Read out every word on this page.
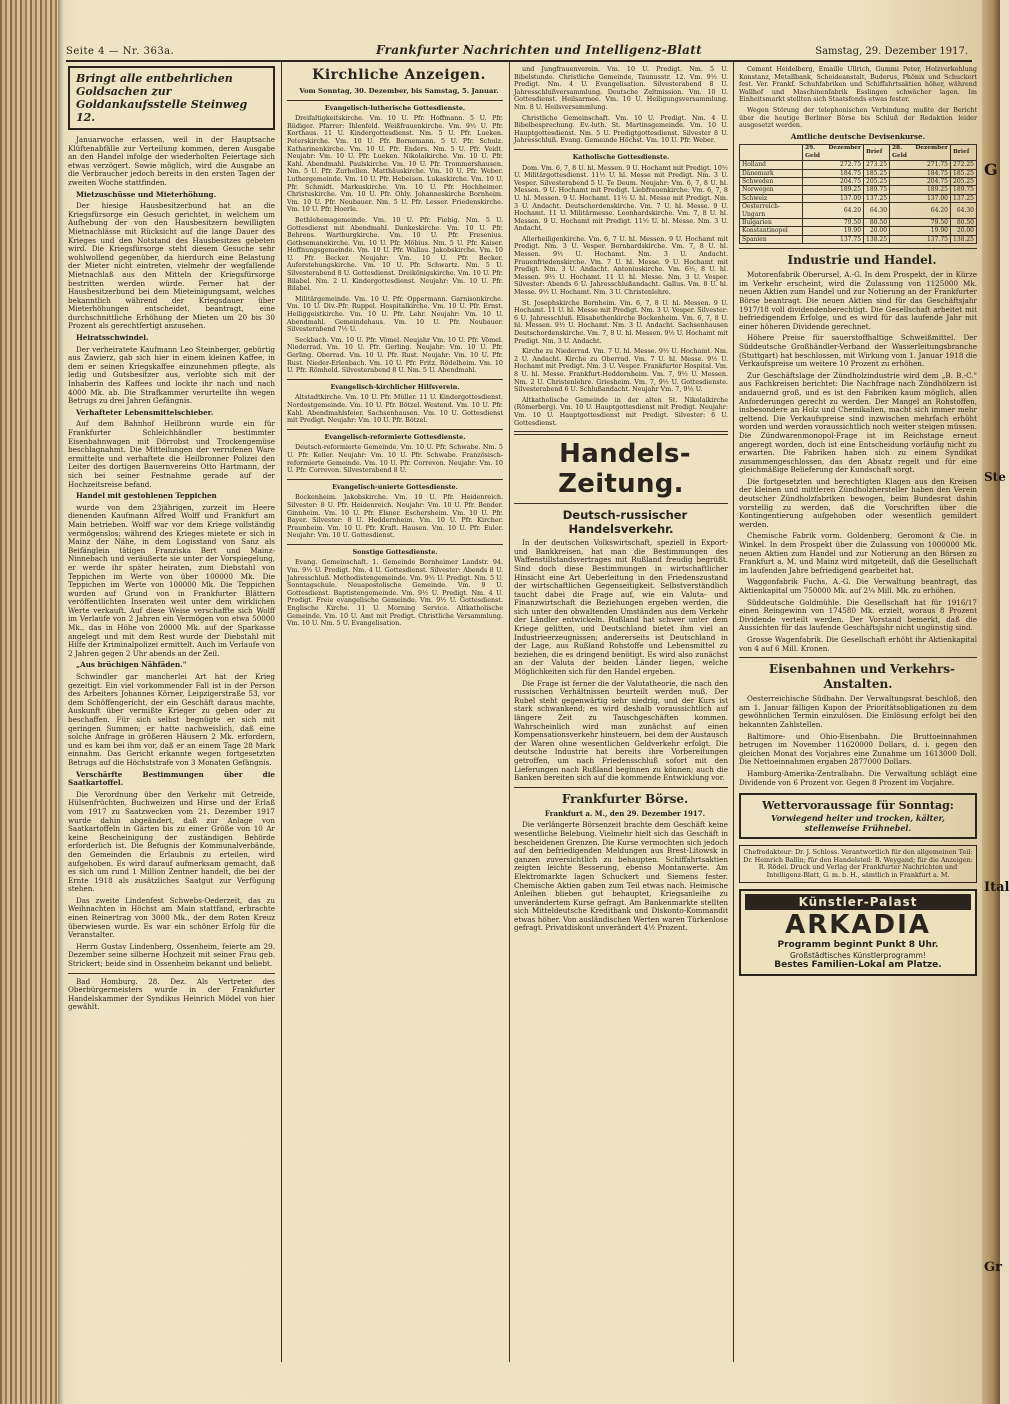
G
Ste
Ital
Gr
Seite 4 — Nr. 363a.	Frankfurter Nachrichten und Intelligenz-Blatt	Samstag, 29. Dezember 1917.
Bringt alle entbehrlichen Goldsachen zur Goldankaufsstelle Steinweg 12.

Januarwoche erlassen, weil in der Hauptsache Klüftenabfälle zur Verteilung kommen, deren Ausgabe an den Handel infolge der wiederholten Feiertage sich etwas verzögert. Sowie möglich, wird die Ausgabe an die Verbraucher jedoch bereits in den ersten Tagen der zweiten Woche stattfinden.

Mietzuschüsse und Mieterhöhung.

Der hiesige Hausbesitzerbund hat an die Kriegsfürsorge ein Gesuch gerichtet, in welchem um Aufhebung der von den Hausbesitzern bewilligten Mietnachlässe mit Rücksicht auf die lange Dauer des Krieges und den Notstand des Hausbesitzes gebeten wird. Die Kriegsfürsorge steht diesem Gesuche sehr wohlwollend gegenüber, da hierdurch eine Belastung der Mieter nicht eintreten, vielmehr der wegfallende Mietnachlaß aus den Mitteln der Kriegsfürsorge bestritten werden würde. Ferner hat der Hausbesitzerbund bei dem Mieteinigungsamt, welches bekanntlich während der Kriegsdauer über Mieterhöhungen entscheidet, beantragt, eine durchschnittliche Erhöhung der Mieten um 20 bis 30 Prozent als gerechtfertigt anzusehen.

Heiratsschwindel.

Der verheiratete Kaufmann Leo Steinberger, gebürtig aus Zawierz, gab sich hier in einem kleinen Kaffee, in dem er seinen Kriegskaffee einzunehmen pflegte, als ledig und Gutsbesitzer aus, verlobte sich mit der Inhaberin des Kaffees und lockte ihr nach und nach 4000 Mk. ab. Die Strafkammer verurteilte ihn wegen Betrugs zu drei Jahren Gefängnis.

Verhafteter Lebensmittelschieber.

Auf dem Bahnhof Heilbronn wurde ein für Frankfurter Schleichhändler bestimmter Eisenbahnwagen mit Dörrobst und Trockengemüse beschlagnahmt. Die Mitteilungen der verrufenen Ware ermittelte und verhaftete die Heilbronner Polizei den Leiter des dortigen Bauernvereins Otto Hartmann, der sich bei seiner Festnahme gerade auf der Hochzeitsreise befand.

Handel mit gestohlenen Teppichen

wurde von dem 23jährigen, zurzeit im Heere dienenden Kaufmann Alfred Wolff und Frankfurt am Main betrieben. Wolff war vor dem Kriege vollständig vermögenslos; während des Krieges mietete er sich in Mainz der Nähe, in dem Logisstand von Sanz als Beifänglein tätigen Franziska Bert und Mainz-Ninnebach und veräußerte sie unter der Vorspiegelung, er werde ihr später heiraten, zum Diebstahl von Teppichen im Werte von über 100000 Mk. Die Teppichen im Werte von 100000 Mk. Die Teppichen wurden auf Grund von in Frankfurter Blättern veröffentlichten Inseraten weit unter dem wirklichen Werte verkauft. Auf diese Weise verschaffte sich Wolff im Verlaufe von 2 Jahren ein Vermögen von etwa 50000 Mk., das in Höhe von 20000 Mk. auf der Sparkasse angelegt und mit dem Rest wurde der Diebstahl mit Hilfe der Kriminalpolizei ermittelt. Auch im Verlaufe von 2 Jahren gegen 2 Uhr abends an der Zeil.

„Aus brüchigen Nähfäden."

Schwindler gar mancherlei Art hat der Krieg gezeitigt. Ein viel vorkommender Fall ist in der Person des Arbeiters Johannes Körner, Leipzigerstraße 53, vor dem Schöffengericht, der ein Geschäft daraus machte, Auskunft über vermißte Krieger zu geben oder zu beschaffen. Für sich selbst begnügte er sich mit geringen Summen; er hatte nachweislich, daß eine solche Anfrage in größeren Häusern 2 Mk. erfordern, und es kam bei ihm vor, daß er an einem Tage 28 Mark einnahm. Das Gericht erkannte wegen fortgesetzten Betrugs auf die Höchststrafe von 3 Monaten Gefängnis.

Verschärfte Bestimmungen über die Saatkartoffel.

Die Verordnung über den Verkehr mit Getreide, Hülsenfrüchten, Buchweizen und Hirse und der Erlaß vom 1917 zu Saatzwecken vom 21. Dezember 1917 wurde dahin abgeändert, daß zur Anlage von Saatkartoffeln in Gärten bis zu einer Größe von 10 Ar keine Bescheinigung der zuständigen Behörde erforderlich ist. Die Befugnis der Kommunalverbände, den Gemeinden die Erlaubnis zu erteilen, wird aufgehoben. Es wird darauf aufmerksam gemacht, daß es sich um rund 1 Million Zentner handelt, die bei der Ernte 1918 als zusätzliches Saatgut zur Verfügung stehen.

Das zweite Lindenfest Schwebs-Oederzeit, das zu Weihnachten in Höchst am Main stattfand, erbrachte einen Reinertrag von 3000 Mk., der dem Roten Kreuz überwiesen wurde. Es war ein schöner Erfolg für die Veranstalter.

Herrn Gustav Lindenberg, Ossenheim, feierte am 29. Dezember seine silberne Hochzeit mit seiner Frau geb. Strickert; beide sind in Ossenheim bekannt und beliebt.

Bad Homburg. 28. Dez. Als Vertreter des Oberbürgermeisters wurde in der Frankfurter Handelskammer der Syndikus Heinrich Mödel von hier gewählt.

Kirchliche Anzeigen.

Vom Sonntag, 30. Dezember, bis Samstag, 5. Januar.

Evangelisch-lutherische Gottesdienste.

Dreifaltigkeitskirche. Vm. 10 U. Pfr. Hoffmann. 5 U. Pfr. Rüdiger. Pfarrer: Ihlenfeld. Weißfrauenkirche. Vm. 9½ U. Pfr. Korthaus. 11 U. Kindergottesdienst. Nm. 5 U. Pfr. Lueken. Peterskirche. Vm. 10 U. Pfr. Bornemann. 5 U. Pfr. Schulz. Katharinenkirche. Vm. 10 U. Pfr. Enders. Nm. 5 U. Pfr. Veidt. Neujahr: Vm. 10 U. Pfr. Lueken. Nikolaikirche. Vm. 10 U. Pfr. Kahl. Abendmahl. Paulskirche. Vm. 10 U. Pfr. Trommershausen. Nm. 5 U. Pfr. Zurhellen. Matthäuskirche. Vm. 10 U. Pfr. Weber. Luthergemeinde. Vm. 10 U. Pfr. Hebeisen. Lukaskirche. Vm. 10 U. Pfr. Schmidt. Markuskirche. Vm. 10 U. Pfr. Hochheimer. Christuskirche. Vm. 10 U. Pfr. Ohly. Johanneskirche Bornheim. Vm. 10 U. Pfr. Neubauer. Nm. 5 U. Pfr. Lesser. Friedenskirche. Vm. 10 U. Pfr. Hoerle.

Bethlehemsgemeinde. Vm. 10 U. Pfr. Fiebig. Nm. 5 U. Gottesdienst mit Abendmahl. Dankeskirche. Vm. 10 U. Pfr. Behrens. Wartburgkirche. Vm. 10 U. Pfr. Fresenius. Gethsemanekirche. Vm. 10 U. Pfr. Möbius. Nm. 5 U. Pfr. Kaiser. Hoffnungsgemeinde. Vm. 10 U. Pfr. Wallau. Jakobskirche. Vm. 10 U. Pfr. Becker. Neujahr: Vm. 10 U. Pfr. Becker. Auferstehungskirche. Vm. 10 U. Pfr. Schwartz. Nm. 5 U. Silvesterabend 8 U. Gottesdienst. Dreikönigskirche. Vm. 10 U. Pfr. Bilabel. Nm. 2 U. Kindergottesdienst. Neujahr: Vm. 10 U. Pfr. Bilabel.

Militärgemeinde. Vm. 10 U. Pfr. Oppermann. Garnisonkirche. Vm. 10 U. Div.-Pfr. Ruppel. Hospitalkirche. Vm. 10 U. Pfr. Ernst. Heiliggeistkirche. Vm. 10 U. Pfr. Lehr. Neujahr: Vm. 10 U. Abendmahl. Gemeindehaus. Vm. 10 U. Pfr. Neubauer. Silvesterabend 7½ U.

Seckbach. Vm. 10 U. Pfr. Vömel. Neujahr Vm. 10 U. Pfr. Vömel. Niederrad. Vm. 10 U. Pfr. Gerling. Neujahr: Vm. 10 U. Pfr. Gerling. Oberrad. Vm. 10 U. Pfr. Rust. Neujahr: Vm. 10 U. Pfr. Rust. Nieder-Erlenbach. Vm. 10 U. Pfr. Fritz. Rödelheim. Vm. 10 U. Pfr. Römheld. Silvesterabend 8 U. Nm. 5 U. Abendmahl.

Evangelisch-kirchlicher Hilfsverein.

Altstadtkirche. Vm. 10 U. Pfr. Müller. 11 U. Kindergottesdienst. Nordostgemeinde. Vm. 10 U. Pfr. Bötzel. Westend. Vm. 10 U. Pfr. Kahl. Abendmahlsfeier. Sachsenhausen. Vm. 10 U. Gottesdienst mit Predigt. Neujahr: Vm. 10 U. Pfr. Bötzel.

Evangelisch-reformierte Gottesdienste.

Deutsch-reformierte Gemeinde. Vm. 10 U. Pfr. Schwabe. Nm. 5 U. Pfr. Keller. Neujahr: Vm. 10 U. Pfr. Schwabe. Französisch-reformierte Gemeinde. Vm. 10 U. Pfr. Correvon. Neujahr: Vm. 10 U. Pfr. Correvon. Silvesterabend 8 U.

Evangelisch-unierte Gottesdienste.

Bockenheim. Jakobskirche. Vm. 10 U. Pfr. Heidenreich. Silvester: 8 U. Pfr. Heidenreich. Neujahr: Vm. 10 U. Pfr. Bender. Ginnheim. Vm. 10 U. Pfr. Elsner. Eschersheim. Vm. 10 U. Pfr. Bayer. Silvester: 8 U. Heddernheim. Vm. 10 U. Pfr. Kircher. Praunheim. Vm. 10 U. Pfr. Kraft. Hausen. Vm. 10 U. Pfr. Euler. Neujahr: Vm. 10 U. Gottesdienst.

Sonstige Gottesdienste.

Evang. Gemeinschaft. 1. Gemeinde Bornheimer Landstr. 94. Vm. 9½ U. Predigt. Nm. 4 U. Gottesdienst. Silvester: Abends 8 U. Jahresschluß. Methodistengemeinde. Vm. 9½ U. Predigt. Nm. 5 U. Sonntagschule. Neuapostolische Gemeinde. Vm. 9 U. Gottesdienst. Baptistengemeinde. Vm. 9½ U. Predigt. Nm. 4 U. Predigt. Freie evangelische Gemeinde. Vm. 9½ U. Gottesdienst. Englische Kirche. 11 U. Morning Service. Altkatholische Gemeinde. Vm. 10 U. Amt mit Predigt. Christliche Versammlung. Vm. 10 U. Nm. 5 U. Evangelisation.

und Jungfrauenverein. Vm. 10 U. Predigt. Nm. 5 U. Bibelstunde. Christliche Gemeinde, Taunusstr. 12. Vm. 9½ U. Predigt. Nm. 4 U. Evangelisation. Silvesterabend 8 U. Jahresschlußversammlung. Deutsche Zeltmission. Vm. 10 U. Gottesdienst. Heilsarmee. Vm. 10 U. Heiligungsversammlung. Nm. 8 U. Heilsversammlung.

Christliche Gemeinschaft. Vm. 10 U. Predigt. Nm. 4 U. Bibelbesprechung. Ev.-luth. St. Martinsgemeinde. Vm. 10 U. Hauptgottesdienst. Nm. 5 U. Predigtgottesdienst. Silvester 8 U. Jahresschluß. Evang. Gemeinde Höchst. Vm. 10 U. Pfr. Weber.

Katholische Gottesdienste.

Dom. Vm. 6, 7, 8 U. hl. Messen. 9 U. Hochamt mit Predigt. 10½ U. Militärgottesdienst. 11½ U. hl. Messe mit Predigt. Nm. 3 U. Vesper. Silvesterabend 5 U. Te Deum. Neujahr: Vm. 6, 7, 8 U. hl. Messen. 9 U. Hochamt mit Predigt. Liebfrauenkirche. Vm. 6, 7, 8 U. hl. Messen. 9 U. Hochamt. 11½ U. hl. Messe mit Predigt. Nm. 3 U. Andacht. Deutschordenskirche. Vm. 7 U. hl. Messe. 9 U. Hochamt. 11 U. Militärmesse. Leonhardskirche. Vm. 7, 8 U. hl. Messen. 9 U. Hochamt mit Predigt. 11½ U. hl. Messe. Nm. 3 U. Andacht.

Allerheiligenkirche. Vm. 6, 7 U. hl. Messen. 9 U. Hochamt mit Predigt. Nm. 3 U. Vesper. Bernhardskirche. Vm. 7, 8 U. hl. Messen. 9½ U. Hochamt. Nm. 3 U. Andacht. Frauenfriedenskirche. Vm. 7 U. hl. Messe. 9 U. Hochamt mit Predigt. Nm. 3 U. Andacht. Antoniuskirche. Vm. 6½, 8 U. hl. Messen. 9½ U. Hochamt. 11 U. hl. Messe. Nm. 3 U. Vesper. Silvester: Abends 6 U. Jahresschlußandacht. Gallus. Vm. 8 U. hl. Messe. 9½ U. Hochamt. Nm. 3 U. Christenlehre.

St. Josephskirche Bornheim. Vm. 6, 7, 8 U. hl. Messen. 9 U. Hochamt. 11 U. hl. Messe mit Predigt. Nm. 3 U. Vesper. Silvester: 6 U. Jahresschluß. Elisabethenkirche Bockenheim. Vm. 6, 7, 8 U. hl. Messen. 9½ U. Hochamt. Nm. 3 U. Andacht. Sachsenhausen Deutschordenskirche. Vm. 7, 8 U. hl. Messen. 9½ U. Hochamt mit Predigt. Nm. 3 U. Andacht.

Kirche zu Niederrad. Vm. 7 U. hl. Messe. 9½ U. Hochamt. Nm. 2 U. Andacht. Kirche zu Oberrad. Vm. 7 U. hl. Messe. 9½ U. Hochamt mit Predigt. Nm. 3 U. Vesper. Frankfurter Hospital. Vm. 8 U. hl. Messe. Frankfurt-Heddernheim. Vm. 7, 9½ U. Messen. Nm. 2 U. Christenlehre. Griesheim. Vm. 7, 9½ U. Gottesdienste. Silvesterabend 6 U. Schlußandacht. Neujahr Vm. 7, 9½ U.

Altkatholische Gemeinde in der alten St. Nikolaikirche (Römerberg). Vm. 10 U. Hauptgottesdienst mit Predigt. Neujahr: Vm. 10 U. Hauptgottesdienst mit Predigt. Silvester: 6 U. Gottesdienst.

Handels-Zeitung.

Deutsch-russischer Handelsverkehr.

In der deutschen Volkswirtschaft, speziell in Export- und Bankkreisen, hat man die Bestimmungen des Waffenstillstandsvertrages mit Rußland freudig begrüßt. Sind doch diese Bestimmungen in wirtschaftlicher Hinsicht eine Art Ueberleitung in den Friedenszustand der wirtschaftlichen Gegenseitigkeit. Selbstverständlich taucht dabei die Frage auf, wie ein Valuta- und Finanzwirtschaft die Beziehungen ergeben werden, die sich unter den obwaltenden Umständen aus dem Verkehr der Ländler entwickeln. Rußland hat schwer unter dem Kriege gelitten, und Deutschland bietet ihm viel an Industrieerzeugnissen; andererseits ist Deutschland in der Lage, aus Rußland Rohstoffe und Lebensmittel zu beziehen, die es dringend benötigt. Es wird also zunächst an der Valuta der beiden Länder liegen, welche Möglichkeiten sich für den Handel ergeben.

Die Frage ist ferner die der Valutatheorie, die nach den russischen Verhältnissen beurteilt werden muß. Der Rubel steht gegenwärtig sehr niedrig, und der Kurs ist stark schwankend; es wird deshalb voraussichtlich auf längere Zeit zu Tauschgeschäften kommen. Wahrscheinlich wird man zunächst auf einen Kompensationsverkehr hinsteuern, bei dem der Austausch der Waren ohne wesentlichen Geldverkehr erfolgt. Die deutsche Industrie hat bereits ihre Vorbereitungen getroffen, um nach Friedensschluß sofort mit den Lieferungen nach Rußland beginnen zu können; auch die Banken bereiten sich auf die kommende Entwicklung vor.

Frankfurter Börse.

Frankfurt a. M., den 29. Dezember 1917.

Die verlängerte Börsenzeit brachte dem Geschäft keine wesentliche Belebung. Vielmehr hielt sich das Geschäft in bescheidenen Grenzen. Die Kurse vermochten sich jedoch auf den befriedigenden Meldungen aus Brest-Litowsk in ganzen zuversichtlich zu behaupten. Schiffahrtsaktien zeigten leichte Besserung, ebenso Montanwerte. Am Elektromarkte lagen Schuckert und Siemens fester. Chemische Aktien gaben zum Teil etwas nach. Heimische Anleihen blieben gut behauptet, Kriegsanleihe zu unverändertem Kurse gefragt. Am Bankenmarkte stellten sich Mitteldeutsche Kreditbank und Diskonto-Kommandit etwas höher. Von ausländischen Werten waren Türkenlose gefragt. Privatdiskont unverändert 4½ Prozent.

Cement Heidelberg, Emaille Ullrich, Gummi Peter, Holzverkohlung Konstanz, Metallbank, Scheideanstalt, Buderus, Phönix und Schuckert fest. Ver. Frankf. Schuhfabriken und Schiffahrtsaktien höher, während Wallhof und Maschinenfabrik Esslingen schwächer lagen. Im Einheitsmarkt stellten sich Staatsfonds etwas fester.

Wegen Störung der telephonischen Verbindung mußte der Bericht über die heutige Berliner Börse bis Schluß der Redaktion leider ausgesetzt werden.

Amtliche deutsche Devisenkurse.

	29. Dezember Geld	Brief	28. Dezember Geld	Brief
Holland	272.75	273.25	271.75	272.25
Dänemark	184.75	185.25	184.75	185.25
Schweden	204.75	205.25	204.75	205.25
Norwegen	189.25	189.75	189.25	189.75
Schweiz	137.00	137.25	137.00	137.25
Oesterreich-Ungarn	64.20	64.30	64.20	64.30
Bulgarien	79.50	80.50	79.50	80.50
Konstantinopel	19.90	20.00	19.90	20.00
Spanien	137.75	138.25	137.75	138.25

Industrie und Handel.

Motorenfabrik Oberursel, A.-G. In dem Prospekt, der in Kürze im Verkehr erscheint, wird die Zulassung von 1125000 Mk. neuen Aktien zum Handel und zur Notierung an der Frankfurter Börse beantragt. Die neuen Aktien sind für das Geschäftsjahr 1917/18 voll dividendenberechtigt. Die Gesellschaft arbeitet mit befriedigendem Erfolge, und es wird für das laufende Jahr mit einer höheren Dividende gerechnet.

Höhere Preise für sauerstoffhaltige Schweißmittel. Der Süddeutsche Großhändler-Verband der Wasserleitungsbranche (Stuttgart) hat beschlossen, mit Wirkung vom 1. Januar 1918 die Verkaufspreise um weitere 10 Prozent zu erhöhen.

Zur Geschäftslage der Zündholzindustrie wird dem „B. B.-C." aus Fachkreisen berichtet: Die Nachfrage nach Zündhölzern ist andauernd groß, und es ist den Fabriken kaum möglich, allen Anforderungen gerecht zu werden. Der Mangel an Rohstoffen, insbesondere an Holz und Chemikalien, macht sich immer mehr geltend. Die Verkaufspreise sind inzwischen mehrfach erhöht worden und werden voraussichtlich noch weiter steigen müssen. Die Zündwarenmonopol-Frage ist im Reichstage erneut angeregt worden, doch ist eine Entscheidung vorläufig nicht zu erwarten. Die Fabriken haben sich zu einem Syndikat zusammengeschlossen, das den Absatz regelt und für eine gleichmäßige Belieferung der Kundschaft sorgt.

Die fortgesetzten und berechtigten Klagen aus den Kreisen der kleinen und mittleren Zündholzhersteller haben den Verein deutscher Zündholzfabriken bewogen, beim Bundesrat dahin vorstellig zu werden, daß die Vorschriften über die Kontingentierung aufgehoben oder wesentlich gemildert werden.

Chemische Fabrik vorm. Goldenberg, Geromont & Cie. in Winkel. In dem Prospekt über die Zulassung von 1000000 Mk. neuen Aktien zum Handel und zur Notierung an den Börsen zu Frankfurt a. M. und Mainz wird mitgeteilt, daß die Gesellschaft im laufenden Jahre befriedigend gearbeitet hat.

Waggonfabrik Fuchs, A.-G. Die Verwaltung beantragt, das Aktienkapital um 750000 Mk. auf 2¼ Mill. Mk. zu erhöhen.

Süddeutsche Goldmühle. Die Gesellschaft hat für 1916/17 einen Reingewinn von 174580 Mk. erzielt, woraus 8 Prozent Dividende verteilt werden. Der Vorstand bemerkt, daß die Aussichten für das laufende Geschäftsjahr nicht ungünstig sind.

Grosse Wagenfabrik. Die Gesellschaft erhöht ihr Aktienkapital von 4 auf 6 Mill. Kronen.

Eisenbahnen und Verkehrs-Anstalten.

Oesterreichische Südbahn. Der Verwaltungsrat beschloß, den am 1. Januar fälligen Kupon der Prioritätsobligationen zu dem gewöhnlichen Termin einzulösen. Die Einlösung erfolgt bei den bekannten Zahlstellen.

Baltimore- und Ohio-Eisenbahn. Die Bruttoeinnahmen betrugen im November 11620000 Dollars, d. i. gegen den gleichen Monat des Vorjahres eine Zunahme um 1613000 Doll. Die Nettoeinnahmen ergaben 2877000 Dollars.

Hamburg-Amerika-Zentralbahn. Die Verwaltung schlägt eine Dividende von 6 Prozent vor. Gegen 8 Prozent im Vorjahre.

Wettervoraussage für Sonntag:
Vorwiegend heiter und trocken, kälter, stellenweise Frühnebel.

Chefredakteur: Dr. J. Schloss. Verantwortlich für den allgemeinen Teil: Dr. Heinrich Ballin; für den Handelsteil: B. Weygand; für die Anzeigen: R. Rödel. Druck und Verlag der Frankfurter Nachrichten und Intelligenz-Blatt, G. m. b. H., sämtlich in Frankfurt a. M.

Künstler-Palast
ARKADIA
Programm beginnt Punkt 8 Uhr.
Großstädtisches Künstlerprogramm!
Bestes Familien-Lokal am Platze.
